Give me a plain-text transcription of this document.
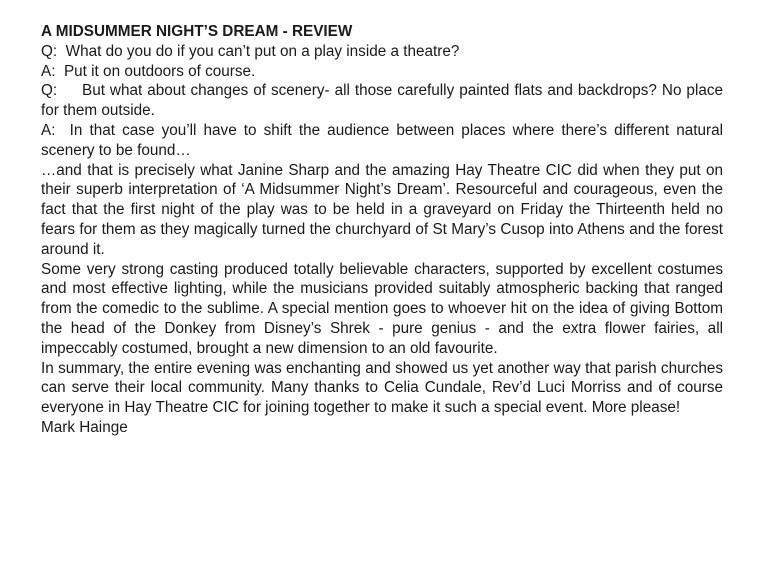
A MIDSUMMER NIGHT’S DREAM - REVIEW

Q:
What do you do if you can’t put on a play inside a theatre?
A:
Put it on outdoors of course.

Q: But what about changes of scenery- all those carefully painted flats and backdrops? No place for them outside.

A: In that case you’ll have to shift the audience between places where there’s different natural scenery to be found…

…and that is precisely what Janine Sharp and the amazing Hay Theatre CIC did when they put on their superb interpretation of ‘A Midsummer Night’s Dream’. Resourceful and courageous, even the fact that the first night of the play was to be held in a graveyard on Friday the Thirteenth held no fears for them as they magically turned the churchyard of St Mary’s Cusop into Athens and the forest around it.

Some very strong casting produced totally believable characters, supported by excellent costumes and most effective lighting, while the musicians provided suitably atmospheric backing that ranged from the comedic to the sublime. A special mention goes to whoever hit on the idea of giving Bottom the head of the Donkey from Disney’s Shrek - pure genius - and the extra flower fairies, all impeccably costumed, brought a new dimension to an old favourite.

In summary, the entire evening was enchanting and showed us yet another way that parish churches can serve their local community. Many thanks to Celia Cundale, Rev’d Luci Morriss and of course everyone in Hay Theatre CIC for joining together to make it such a special event. More please!

Mark Hainge
